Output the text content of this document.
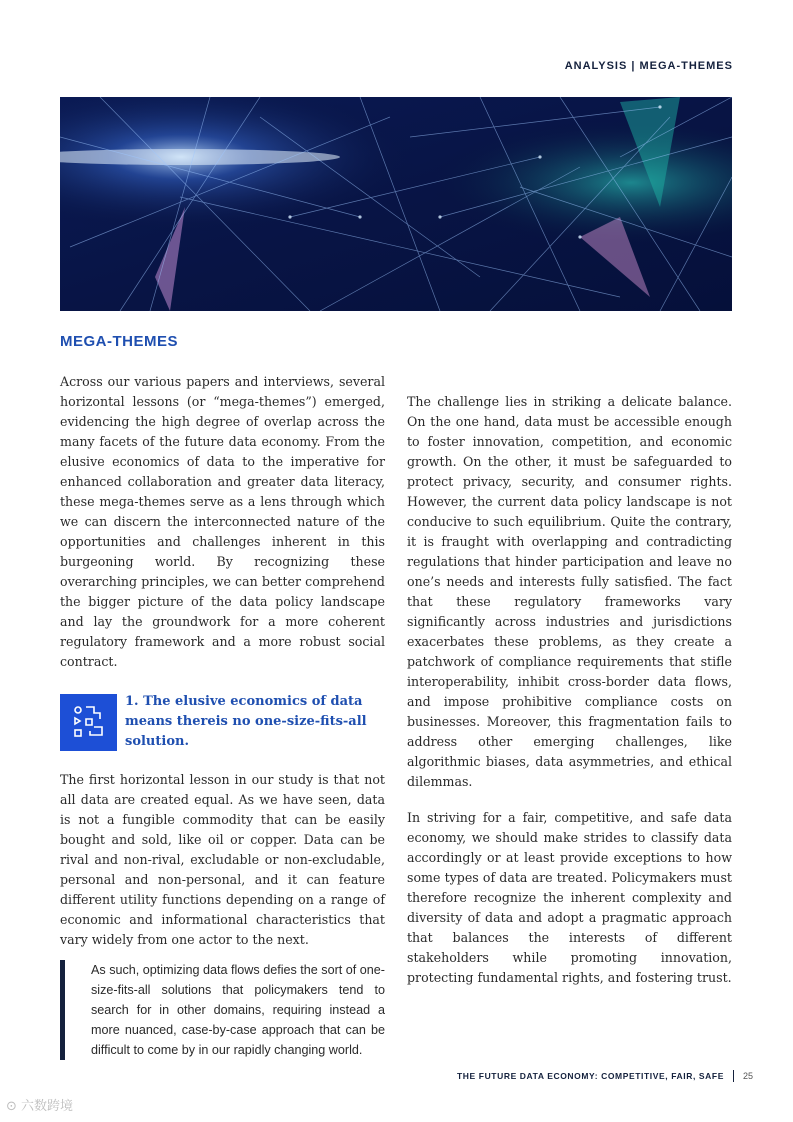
ANALYSIS | MEGA-THEMES
MEGA-THEMES

Across our various papers and interviews, several horizontal lessons (or “mega-themes”) emerged, evidencing the high degree of overlap across the many facets of the future data economy. From the elusive economics of data to the imperative for enhanced collaboration and greater data literacy, these mega-themes serve as a lens through which we can discern the interconnected nature of the opportunities and challenges inherent in this burgeoning world. By recognizing these overarching principles, we can better comprehend the bigger picture of the data policy landscape and lay the groundwork for a more coherent regulatory framework and a more robust social contract.

1. The elusive economics of data means thereis no one-size-fits-all solution.

The first horizontal lesson in our study is that not all data are created equal. As we have seen, data is not a fungible commodity that can be easily bought and sold, like oil or copper. Data can be rival and non-rival, excludable or non-excludable, personal and non-personal, and it can feature different utility functions depending on a range of economic and informational characteristics that vary widely from one actor to the next.

As such, optimizing data flows defies the sort of one-size-fits-all solutions that policymakers tend to search for in other domains, requiring instead a more nuanced, case-by-case approach that can be difficult to come by in our rapidly changing world.

The challenge lies in striking a delicate balance. On the one hand, data must be accessible enough to foster innovation, competition, and economic growth. On the other, it must be safeguarded to protect privacy, security, and consumer rights. However, the current data policy landscape is not conducive to such equilibrium. Quite the contrary, it is fraught with overlapping and contradicting regulations that hinder participation and leave no one’s needs and interests fully satisfied. The fact that these regulatory frameworks vary significantly across industries and jurisdictions exacerbates these problems, as they create a patchwork of compliance requirements that stifle interoperability, inhibit cross-border data flows, and impose prohibitive compliance costs on businesses. Moreover, this fragmentation fails to address other emerging challenges, like algorithmic biases, data asymmetries, and ethical dilemmas.

In striving for a fair, competitive, and safe data economy, we should make strides to classify data accordingly or at least provide exceptions to how some types of data are treated. Policymakers must therefore recognize the inherent complexity and diversity of data and adopt a pragmatic approach that balances the interests of different stakeholders while promoting innovation, protecting fundamental rights, and fostering trust.

THE FUTURE DATA ECONOMY: COMPETITIVE, FAIR, SAFE 25
⊙ 六数跨境
